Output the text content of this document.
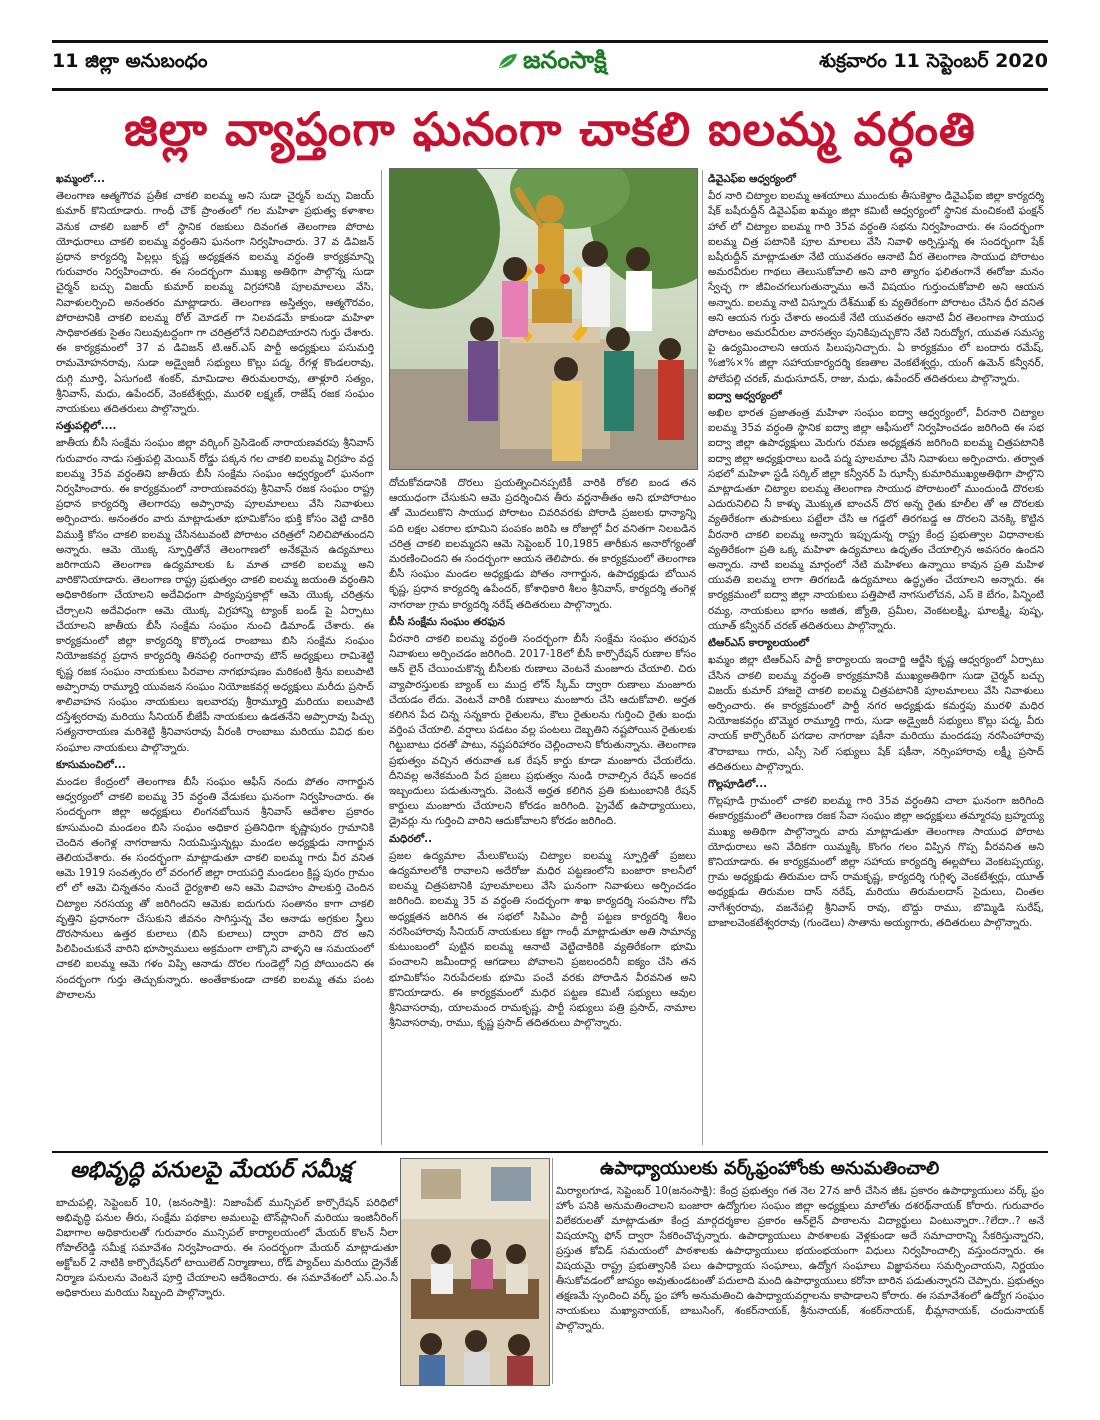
11 జిల్లా అనుబంధం	జనంసాక్షి	శుక్రవారం 11 సెప్టెంబర్ 2020
జిల్లా వ్యాప్తంగా ఘనంగా చాకలి ఐలమ్మ వర్ధంతి

ఖమ్మంలో...

తెలంగాణ ఆత్మగౌరవ ప్రతీక చాకలి ఐలమ్మ అని సుడా చైర్మన్ బచ్చు విజయ్ కుమార్ కొనియాడారు. గాంధీ చౌక్ ప్రాంతంలో గల మహిళా ప్రభుత్వ కళాశాల వెనుక చాకలి బజార్ లో స్థానిక రజకులు దివంగత తెలంగాణ పోరాట యోధురాలు చాకలి ఐలమ్మ వర్ధంతిని ఘనంగా నిర్వహించారు. 37 వ డివిజన్ ప్రధాన కార్యదర్శి పిల్లల్లు కృష్ణ అధ్యక్షతన ఐలమ్మ వర్ధంతి కార్యక్రమాన్ని గురువారం నిర్వహించారు. ఈ సందర్భంగా ముఖ్య అతిథిగా పాల్గొన్న సుడా చైర్మన్ బచ్చు విజయ్ కుమార్ ఐలమ్మ విగ్రహానికి పూలమాలలు వేసి, నివాళులర్పించి అనంతరం మాట్లాడారు. తెలంగాణ అస్తిత్వం, ఆత్మగౌరవం, పోరాటానికి చాకలి ఐలమ్మ రోల్ మోడల్ గా నిలవడమే కాకుండా మహిళా సాధికారతకు సైతం నిలువుటద్దంగా గా చరిత్రలోనే నిలిచిపోయారని గుర్తు చేశారు. ఈ కార్యక్రమంలో 37 వ డివిజన్ టి.ఆర్.ఎస్ పార్టీ అధ్యక్షులు పసుమర్తి రామమోహనరావు, సుడా అడ్వైజరీ సభ్యులు కొల్లు పద్మ, రేగళ్ల కొండలరావు, దుగ్గి మూర్తి, ఏసుగంటి శంకర్, మామిడాల తిరుమలరావు, తాళ్లూరి సత్యం, శ్రీనివాస్, మధు, ఉపేందర్, వెంకటేశ్వర్లు, మురళి లక్ష్మణ్, రాజేష్ రజక సంఘం నాయకులు తదితరులు పాల్గొన్నారు.

సత్తుపల్లిలో....

జాతీయ బీసీ సంక్షేమ సంఘం జిల్లా వర్కింగ్ ప్రెసిడెంట్ నారాయణవరపు శ్రీనివాస్ గురువారం నాడు సత్తుపల్లి మెయిన్ రోడ్డు పక్కన గల చాకలి ఐలమ్మ విగ్రహం వద్ద ఐలమ్మ 35వ వర్ధంతిని జాతీయ బీసీ సంక్షేమ సంఘం ఆధ్వర్యంలో ఘనంగా నిర్వహించారు. ఈ కార్యక్రమంలో నారాయణవరపు శ్రీనివాస్ రజక సంఘం రాష్ట్ర ప్రధాన కార్యదర్శి తెలగారపు అప్పారావు పూలమాలలు వేసి నివాళులు అర్పించారు. అనంతరం వారు మాట్లాడుతూ భూమికోసం భుక్తి కోసం వెట్టి చాకిరి విముక్తి కోసం చాకలి ఐలమ్మ చేసినటువంటి పోరాటం చరిత్రలో నిలిచిపోతుందని అన్నారు. ఆమె యొక్క స్ఫూర్తితోనే తెలంగాణలో అనేకమైన ఉద్యమాలు జరిగాయని తెలంగాణ ఉద్యమాలకు ఓ మాత చాకలి ఐలమ్మ అని వారికొనియాడారు. తెలంగాణ రాష్ట్ర ప్రభుత్వం చాకలి ఐలమ్మ జయంతి వర్ధంతిని అధికారికంగా చేయాలని అదేవిధంగా పాఠ్యపుస్తకాల్లో ఆమె యొక్క చరిత్రను చేర్చాలని అదేవిధంగా ఆమె యొక్క విగ్రహాన్ని ట్యాంక్ బండ్ పై ఏర్పాటు చేయాలని జాతీయ బీసీ సంక్షేమ సంఘం నుంచి డిమాండ్ చేశారు. ఈ కార్యక్రమంలో జిల్లా కార్యదర్శి కొర్కొండ రాంబాబు బిసి సంక్షేమ సంఘం నియోజకవర్గ ప్రధాన కార్యదర్శి తినపల్లి రంగారావు టౌన్ అధ్యక్షులు రామిశెట్టి కృష్ణ రజక సంఘం నాయకులు పిరవాల నాగభూషణం మరికంటి శ్రీను ఐలుపాటి అప్పారావు రామ్మూర్తి యువజన సంఘం నియోజకవర్గ అధ్యక్షులు మరీదు ప్రసాద్ శాలివాహన సంఘం నాయకులు ఇలవారపు శ్రీరామ్మూర్తి మరియు ఐలుపాటి దస్తేశ్వరరావు మరియు సీనియర్ బీజేపీ నాయకులు ఉడతనేని అప్పారావు పిచ్చు సత్యనారాయణ మరిశెట్టి శ్రీనివాసరావు వీరంకి రాంబాబు మరియు వివిధ కుల సంఘాల నాయకులు పాల్గొన్నారు.

కూసుమంచిలో...

మండల కేంద్రంలో తెలంగాణ బీసీ సంఘం ఆఫీస్ నందు పోతం నాగార్జున ఆధ్వర్యంలో చాకలి ఐలమ్మ 35 వర్ధంతి వేడుకలు ఘనంగా నిర్వహించారు. ఈ సందర్భంగా జిల్లా అధ్యక్షులు లింగనబోయిన శ్రీనివాస్ ఆదేశాల ప్రకారం కూసుమంచి మండలం బిసి సంఘం అధికార ప్రతినిధిగా కృష్ణాపురం గ్రామానికి చెందిన తంగెళ్ల నాగరాజును నియమిస్తున్నట్లు మండల అధ్యక్షుడు నాగార్జున తెలియచేశారు. ఈ సందర్భంగా మాట్లాడుతూ చాకలి ఐలమ్మ గారు వీర వనిత ఆమె 1919 సంవత్సరం లో వరంగల్ జిల్లా రాయపర్తి మండలం క్రిష్ణ పురం గ్రామం లో లో ఆమె చిన్నతనం నుంచే ధైర్యశాలి అని ఆమె వివాహం పాలకుర్తి చెందిన చిట్యాల నరసయ్య తో జరిగిందని ఆమెకు ఐదుగురు సంతానం కాగా చాకలి వృత్తిని ప్రధానంగా చేసుకుని జీవనం సాగిస్తున్న వేల ఆనాడు అగ్రకుల స్త్రీలు దొరసానులు ఉత్తర కులాలు (బిసి కులాలు) ద్వారా వారిని దొర అని పిలిపించుకునే వారిని భూస్వాములు అక్రమంగా లాక్కొని వాళ్ళని ఆ సమయంలో చాకలి ఐలమ్మ ఆమె గళం విప్పి ఆనాడు దొరల గుండెల్లో నిద్ర పోయిందని ఈ సందర్భంగా గుర్తు తెచ్చుకున్నారు. అంతేకాకుండా చాకలి ఐలమ్మ తమ పంట పొలాలను

దోచుకోవడానికి దొరలు ప్రయత్నించినప్పటికీ వారికి రోకలి బండ తన ఆయుధంగా చేసుకుని ఆమె ప్రదర్శించిన తీరు వర్ణనాతీతం అని భూపోరాటం తో మొదలుకొని సాయుధ పోరాటం చివరివరకు పోరాడి ప్రజలకు ధాన్యాన్ని పది లక్షల ఎకరాల భూమిని పంపకం జరిపి ఆ రోజుల్లో వీర వనితగా నిలబడిన చరిత్ర చాకలి ఐలమ్మదని ఆమె సెప్టెంబర్ 10,1985 తారీకున అనారోగ్యంతో మరణించిందని ఈ సందర్భంగా ఆయన తెలిపారు. ఈ కార్యక్రమంలో తెలంగాణ బీసీ సంఘం మండల అధ్యక్షుడు పోతం నాగార్జున, ఉపాధ్యక్షుడు బోయిన కృష్ణ, ప్రధాన కార్యదర్శి ఉపేందర్, కోశాధికారి శీలం శ్రీనివాస్, కార్యదర్శి తంగెళ్ల నాగరాజు గ్రామ కార్యదర్శి నరేష్ తదితరులు పాల్గొన్నారు.

బీసీ సంక్షేమ సంఘం తరఫున

వీరనారి చాకలి ఐలమ్మ వర్ధంతి సందర్భంగా బీసీ సంక్షేమ సంఘం తరఫున నివాళులు అర్పించడం జరిగింది. 2017-18లో బీసీ కార్పొరేషన్ రుణాల కోసం ఆన్ లైన్ చేయించుకొన్న బీసీలకు రుణాలు వెంటనే మంజూరు చేయాలి. చిరు వ్యాపారస్తులకు బ్యాంక్ లు ముద్ర లోన్ స్కీమ్ ద్వారా రుణాలు మంజూరు చేయడం లేదు. వెంటనే వారికి రుణాలు మంజూరు చేసి ఆదుకోవాలి. అర్హత కలిగిన పేద చిన్న సన్నకారు రైతులను, కౌలు రైతులను గుర్తించి రైతు బంధు వర్తింప చేయాలి. వర్షాలు పడటం వల్ల పంటలు దెబ్బతిని నష్టపోయిన రైతులకు గిట్టుబాటు ధరతో పాటు, నష్టపరిహారం చెల్లించాలని కోరుతున్నాను. తెలంగాణ ప్రభుత్వం వచ్చిన తరువాత ఒక రేషన్ కార్డు కూడా మంజూరు చేయలేదు. దీనివల్ల అనేకమంది పేద ప్రజలు ప్రభుత్వం నుండి రావాల్సిన రేషన్ అందక ఇబ్బందులు పడుతున్నారు. వెంటనే అర్హత కలిగిన ప్రతి కుటుంబానికి రేషన్ కార్డులు మంజూరు చేయాలని కోరడం జరిగింది. ప్రైవేట్ ఉపాధ్యాయులు, డ్రైవర్లు ను గుర్తించి వారిని ఆదుకోవాలని కోరడం జరిగింది.

మధిరలో..

ప్రజల ఉద్యమాల మేలుకొలుపు చిట్యాల ఐలమ్మ స్ఫూర్తితో ప్రజలు ఉద్యమాలలోకి రావాలని అదేరోజు మధిర పట్టణంలోని బంజారా కాలనీలో ఐలమ్మ చిత్రపటానికి పూలమాలలు వేసి ఘనంగా నివాళులు అర్పించడం జరిగింది. ఐలమ్మ 35 వ వర్ధంతి సందర్భంగా శాఖ కార్యదర్శి సంపసాల గోపి అధ్యక్షతన జరిగిన ఈ సభలో సిపిఎం పార్టీ పట్టణ కార్యదర్శి శీలం నరసింహారావు సీనియర్ నాయకులు కట్టా గాంధీ మాట్లాడుతూ అతి సామాన్య కుటుంబంలో పుట్టిన ఐలమ్మ ఆనాటి వెట్టిచాకిరికి వ్యతిరేకంగా భూమి పంచాలని జమీందార్ల ఆగడాలు పోవాలని ప్రజలందరినీ ఐక్యం చేసి తన భూమికోసం నిరుపేదలకు భూమి పంచే వరకు పోరాడిన వీరవనిత అని కొనియాడారు. ఈ కార్యక్రమంలో మధిర పట్టణ కమిటీ సభ్యులు ఆవుల శ్రీనివాసరావు, యాలమంద రామకృష్ణ, పార్టీ సభ్యులు పత్రి ప్రసాద్, నామాల శ్రీనివాసరావు, రాము, కృష్ణ ప్రసాద్ తదితరులు పాల్గొన్నారు.

డివైఎఫ్ఐ ఆధ్వర్యంలో

వీర నారి చిట్యాల ఐలమ్మ ఆశయాలు ముందుకు తీసుకెళ్దాం డివైఎఫ్ఐ జిల్లా కార్యదర్శి షేక్ బషీరుద్దీన్ డివైఎఫ్ఐ ఖమ్మం జిల్లా కమిటీ ఆధ్వర్యంలో స్థానిక మంచికంటి ఫంక్షన్ హాల్ లో చిట్యాల ఐలమ్మ గారి 35వ వర్ధంతి సభను నిర్వహించారు. ఈ సందర్భంగా ఐలమ్మ చిత్ర పటానికి పూల మాలలు వేసి నివాళి అర్పిస్తున్న ఈ సందర్భంగా షేక్ బషీరుద్దీన్ మాట్లాడుతూ నేటి యువతరం ఆనాటి వీర తెలంగాణ సాయుధ పోరాటం అమరవీరుల గాథలు తెలుసుకోవాలి అని వారి త్యాగం ఫలితంగానే ఈరోజు మనం స్వేచ్ఛ గా జీవించగలుగుతున్నాము అనే విషయం గుర్తుంచుకోవాలి అని ఆయన అన్నారు. ఐలమ్మ నాటి విస్నూరు దేశ్‌ముఖ్ కు వ్యతిరేకంగా పోరాటం చేసిన ధీర వనిత అని ఆయన గుర్తు చేశారు అందుకే నేటి యువతరం ఆనాటి వీర తెలంగాణ సాయుధ పోరాటం అమరవీరుల వారసత్వం పునికిపుచ్చుకొని నేటి నిరుద్యోగ, యువత సమస్య పై ఉద్యమించాలని ఆయన పిలుపునిచ్చారు. ఏ కార్యక్రమం లో బందారు రమేష్, %జి%×% జిల్లా సహాయకార్యదర్శి కణతాల వెంకటేశ్వర్లు, యంగ్ ఉమెన్ కన్వీనర్, పోలేపల్లి చరణ్, మధుసూదన్, రాజు, మధు, ఉపేందర్ తదితరులు పాల్గొన్నారు.

ఐద్వా ఆధ్వర్యంలో

అఖిల భారత ప్రజాతంత్ర మహిళా సంఘం ఐద్వా ఆధ్వర్యంలో, వీరనారి చిట్యాల ఐలమ్మ 35వ వర్ధంతి స్థానిక ఐద్వా జిల్లా ఆఫీసులో నిర్వహించడం జరిగింది ఈ సభ ఐద్వా జిల్లా ఉపాధ్యక్షులు మెరుగు రమణ అధ్యక్షతన జరిగింది ఐలమ్మ చిత్రపటానికి ఐద్వా జిల్లా అధ్యక్షురాలు బండి పద్మ పూలమాల వేసి నివాళులు అర్పించారు. తర్వాత సభలో మహిళా స్టడీ సర్కిల్ జిల్లా కన్వీనర్ పి ఝాన్సీ కుమారిముఖ్యఅతిథిగా పాల్గొని మాట్లాడుతూ చిట్యాల ఐలమ్మ తెలంగాణ సాయుధ పోరాటంలో ముందుండి దొరలకు ఎదురునిలిచి నీ కాళ్ళు మొక్కుత బాంచన్ దొర అన్న రైతు కూలీల తో ఆ దొరలకు వ్యతిరేకంగా తుపాకులు పట్టేలా చేసి ఆ గడ్డలో తిరగబడ్డ ఆ దొరలని వెనక్కి కొట్టిన వీరనారి చాకలి ఐలమ్మ అన్నారు ఇప్పుడున్న రాష్ట్ర కేంద్ర ప్రభుత్వాల విధానాలకు వ్యతిరేకంగా ప్రతి ఒక్క మహిళా ఉద్యమాలు ఉధృతం చేయాల్సిన అవసరం ఉందని అన్నారు. నాటి ఐలమ్మ మార్గంలో నేటి మహిళలు ఉన్నాయి కావున ప్రతి మహిళ యువతి ఐలమ్మ లాగా తిరగబడి ఉద్యమాలు ఉద్ధృతం చేయాలని అన్నారు. ఈ కార్యక్రమంలో ఐద్వా జిల్లా నాయకులు పత్తిపాటి నాగసులోచన, ఎస్ కె బేగం, పిన్నింటి రమ్య, నాయకులు భాగం అజిత, జ్యోతి, ప్రమీల, వెంకటలక్ష్మి, ఘాలక్ష్మి, పుష్ప, యూత్ కన్వీనర్ చరణ్ తదితరులు పాల్గొన్నారు.

టిఆర్ఎస్ కార్యాలయంలో

ఖమ్మం జిల్లా టిఆర్ఎస్ పార్టీ కార్యాలయ ఇంచార్జి ఆర్జేసి కృష్ణ ఆధ్వర్యంలో ఏర్పాటు చేసిన చాకలి ఐలమ్మ వర్ధంతి కార్యక్రమానికి ముఖ్యఅతిథిగా సుడా చైర్మన్ బచ్చు విజయ్ కుమార్ హాజరై చాకలి ఐలమ్మ చిత్రపటానికి పూలమాలలు వేసి నివాళులు అర్పించారు. ఈ కార్యక్రమంలో పార్టీ నగర అధ్యక్షుడు కమర్తపు మురళి మధిర నియోజకవర్గం బొమ్మెర రామ్మూర్తి గారు, సుడా అడ్వైజరీ సభ్యులు కొల్లు పద్మ, వీరు నాయక్ కార్పొరేటర్ పగడాల నాగరాజు షకీనా మరియు మందడపు నరసింహారావు శౌరాబాబు గారు, ఎస్సీ సెల్ సభ్యులు షేక్ షకీనా, నర్సింహారావు లక్ష్మీ ప్రసాద్ తదితరులు పాల్గొన్నారు.

గొల్లపూడిలో...

గొల్లపూడి గ్రామంలో చాకలి ఐలమ్మ గారి 35వ వర్ధంతిని చాలా ఘనంగా జరిగింది ఈకార్యక్రమంలో తెలంగాణ రజక సేవా సంఘం జిల్లా అధ్యక్షులు తమ్మారపు బ్రహ్మయ్య ముఖ్య అతిథిగా పాల్గొన్నారు వారు మాట్లాడుతూ తెలంగాణ సాయుధ పోరాట యోధురాలు అని వేదికగా యిమ్మక్కి కొంగం గలం విప్పిన గొప్ప వీరవనిత అని కొనియాడారు. ఈ కార్యక్రమంలో జిల్లా సహాయ కార్యదర్శి ఈల్లపోలు వెంకటప్పయ్య, గ్రామ అధ్యక్షుడు తిరుమల దాస్ రామకృష్ణ, కార్యదర్శి గుగ్గిళ్ళ వెంకటేశ్వర్లు, యూత్ అధ్యక్షుడు తిరుమల దాస్ నరేష్, మరియు తిరుమలదాస్ సైదులు, చింతల నాగేశ్వరరావు, వజనేపల్లి శ్రీనివాస్ రావు, బొద్దు రాము, బొమ్మిడి సురేష్, బాజాలవెంకటేశ్వరరావు (గుండెలు) సాతాను అయ్యగారు, తదితరులు పాల్గొన్నారు.

అభివృద్ధి పనులపై మేయర్ సమీక్ష
బాచుపల్లి, సెప్టెంబర్ 10, (జనంసాక్షి): నిజాంపేట్ మున్సిపల్ కార్పొరేషన్ పరిధిలో అభివృద్ధి పనుల తీరు, సంక్షేమ పథకాల అమలుపై టౌన్‌ప్లానింగ్ మరియు ఇంజినీరింగ్ విభాగాల అధికారులతో గురువారం మున్సిపల్ కార్యాలయంలో మేయర్ కొలన్ నీలా గోపాల్‌రెడ్డి సమీక్ష సమావేశం నిర్వహించారు. ఈ సందర్భంగా మేయర్ మాట్లాడుతూ అక్టోబర్ 2 నాటికి కార్పొరేషన్‌లో టాయిలెట్ నిర్మాణాలు, రోడ్ ప్యాచ్‌లు మరియు డ్రైనేజ్ నిర్మాణ పనులను వెంటనే పూర్తి చేయాలని ఆదేశించారు. ఈ సమావేశంలో ఎస్.ఎం.సీ అధికారులు మరియు సిబ్బంది పాల్గొన్నారు.
ఉపాధ్యాయులకు వర్క్‌ఫ్రంహోంకు అనుమతించాలి
మిర్యాలగూడ, సెప్టెంబర్ 10(జనంసాక్షి): కేంద్ర ప్రభుత్వం గత నెల 27న జారీ చేసిన జీఓ ప్రకారం ఉపాధ్యాయులు వర్క్ ఫ్రం హోం పనికి అనుమతించాలని బంజారా ఉద్యోగుల సంఘం జిల్లా అధ్యక్షులు మాలోతు దశరథ్‌నాయక్ కోరారు. గురువారం విలేకరులతో మాట్లాడుతూ కేంద్ర మార్గదర్శకాల ప్రకారం ఆన్‌లైన్ పాఠాలను విద్యార్థులు వింటున్నారా..?లేదా..? అనే విషయాన్ని ఫోన్ ద్వారా సేకరించొచ్చన్నారు. ఉపాధ్యాయులు పాఠశాలకు వెళ్లకుండా అదే సమాచారాన్ని సేకరిస్తున్నారని, ప్రస్తుత కోవిడ్ సమయంలో పాఠశాలకు ఉపాధ్యాయులు భయంభయంగా విధులు నిర్వహించాల్సి వస్తుందన్నారు. ఈ విషయమై రాష్ట్ర ప్రభుత్వానికి పలు ఉపాధ్యాయ సంఘాలు, ఉద్యోగ సంఘాలు విజ్ఞాపనలు సమర్పించాయని, నిర్ణయం తీసుకోవడంలో జాప్యం అవుతుండటంతో పదులాది మంది ఉపాధ్యాయులు కరోనా బారిన పడుతున్నారని చెప్పారు. ప్రభుత్వం తక్షణమే స్పందించి వర్క్ ఫ్రం హోం అనుమతించి ఉపాధ్యాయవర్గాలను కాపాడాలని కోరారు. ఈ సమావేశంలో ఉద్యోగ సంఘం నాయకులు మఖ్యానాయక్, బాబుసింగ్, శంకర్‌నాయక్, శ్రీనునాయక్, శంకర్‌నాయక్, భీమ్లానాయక్, చందునాయక్ పాల్గొన్నారు.
